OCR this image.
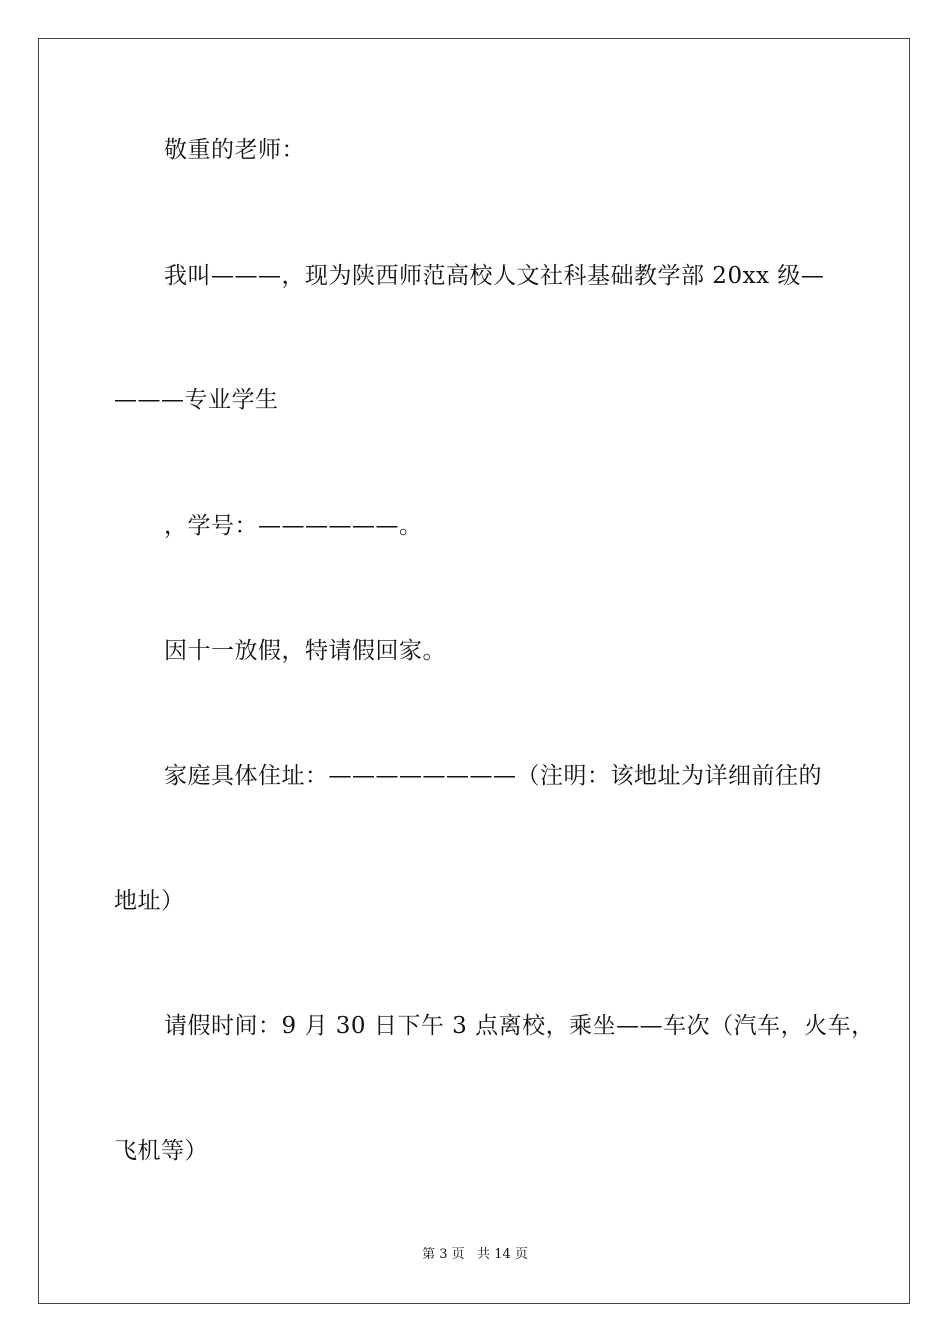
敬重的老师：
我叫———，现为陕西师范高校人文社科基础教学部 20xx 级—
———专业学生
，学号：——————。
因十一放假，特请假回家。
家庭具体住址：————————（注明：该地址为详细前往的
地址）
请假时间：9 月 30 日下午 3 点离校，乘坐——车次（汽车，火车，
飞机等）
第 3 页   共 14 页
